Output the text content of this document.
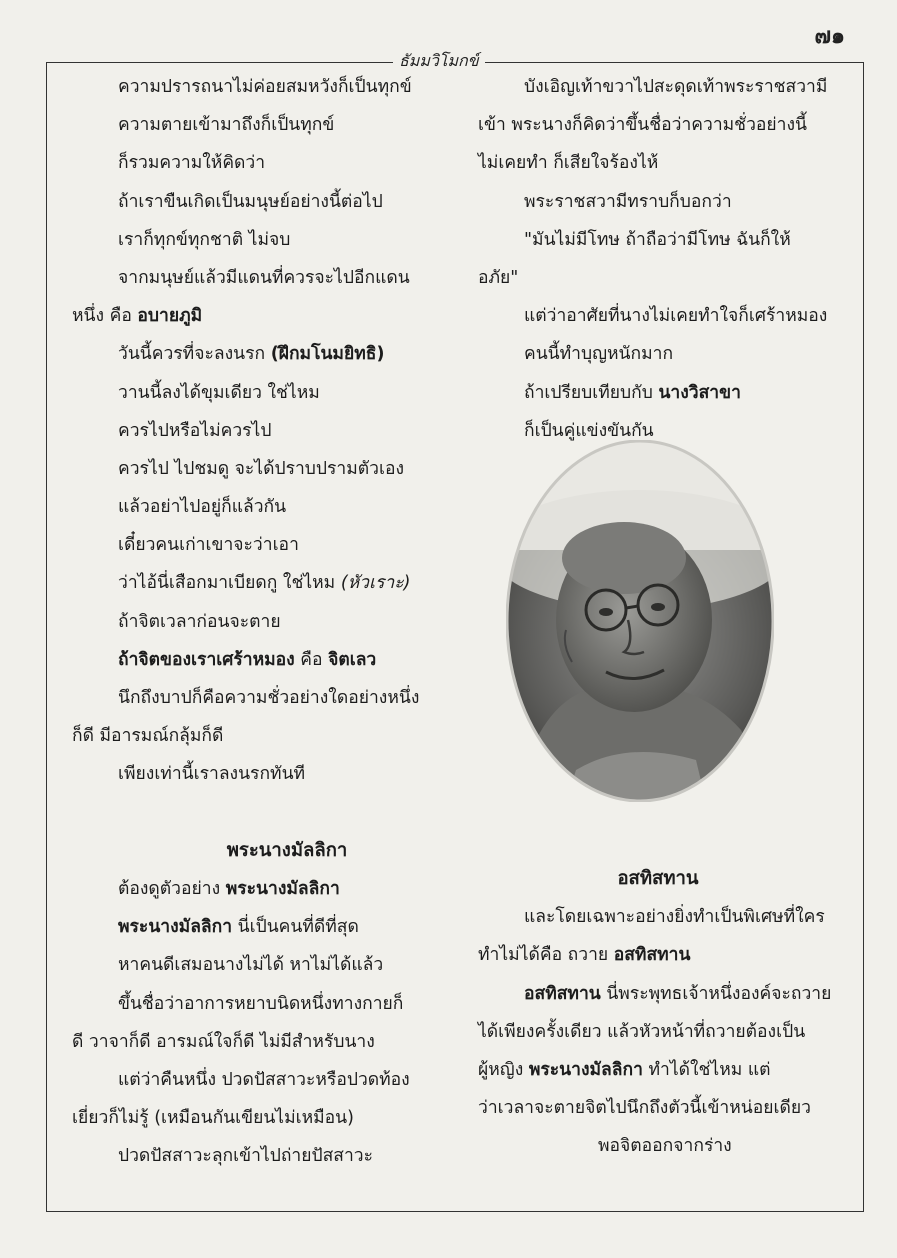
๗๑
ธัมมวิโมกข์
ความปรารถนาไม่ค่อยสมหวังก็เป็นทุกข์
ความตายเข้ามาถึงก็เป็นทุกข์
ก็รวมความให้คิดว่า
ถ้าเราขืนเกิดเป็นมนุษย์อย่างนี้ต่อไป
เราก็ทุกข์ทุกชาติ ไม่จบ
จากมนุษย์แล้วมีแดนที่ควรจะไปอีกแดน
หนึ่ง คือ อบายภูมิ
วันนี้ควรที่จะลงนรก (ฝึกมโนมยิทธิ)
วานนี้ลงได้ขุมเดียว ใช่ไหม
ควรไปหรือไม่ควรไป
ควรไป ไปชมดู จะได้ปราบปรามตัวเอง
แล้วอย่าไปอยู่ก็แล้วกัน
เดี๋ยวคนเก่าเขาจะว่าเอา
ว่าไอ้นี่เสือกมาเบียดกู ใช่ไหม (หัวเราะ)
ถ้าจิตเวลาก่อนจะตาย
ถ้าจิตของเราเศร้าหมอง คือ จิตเลว
นึกถึงบาปก็คือความชั่วอย่างใดอย่างหนึ่ง
ก็ดี มีอารมณ์กลุ้มก็ดี
เพียงเท่านี้เราลงนรกทันที
พระนางมัลลิกา
ต้องดูตัวอย่าง พระนางมัลลิกา
พระนางมัลลิกา นี่เป็นคนที่ดีที่สุด
หาคนดีเสมอนางไม่ได้ หาไม่ได้แล้ว
ขึ้นชื่อว่าอาการหยาบนิดหนึ่งทางกายก็
ดี วาจาก็ดี อารมณ์ใจก็ดี ไม่มีสำหรับนาง
แต่ว่าคืนหนึ่ง ปวดปัสสาวะหรือปวดท้อง
เยี่ยวก็ไม่รู้ (เหมือนกันเขียนไม่เหมือน)
ปวดปัสสาวะลุกเข้าไปถ่ายปัสสาวะ
บังเอิญเท้าขวาไปสะดุดเท้าพระราชสวามี
เข้า พระนางก็คิดว่าขึ้นชื่อว่าความชั่วอย่างนี้
ไม่เคยทำ ก็เสียใจร้องไห้
พระราชสวามีทราบก็บอกว่า
"มันไม่มีโทษ ถ้าถือว่ามีโทษ ฉันก็ให้
อภัย"
แต่ว่าอาศัยที่นางไม่เคยทำใจก็เศร้าหมอง
คนนี้ทำบุญหนักมาก
ถ้าเปรียบเทียบกับ นางวิสาขา
ก็เป็นคู่แข่งขันกัน
อสทิสทาน
และโดยเฉพาะอย่างยิ่งทำเป็นพิเศษที่ใคร
ทำไม่ได้คือ ถวาย อสทิสทาน
อสทิสทาน นี่พระพุทธเจ้าหนึ่งองค์จะถวาย
ได้เพียงครั้งเดียว แล้วหัวหน้าที่ถวายต้องเป็น
ผู้หญิง พระนางมัลลิกา ทำได้ใช่ไหม แต่
ว่าเวลาจะตายจิตไปนึกถึงตัวนี้เข้าหน่อยเดียว
พอจิตออกจากร่าง
